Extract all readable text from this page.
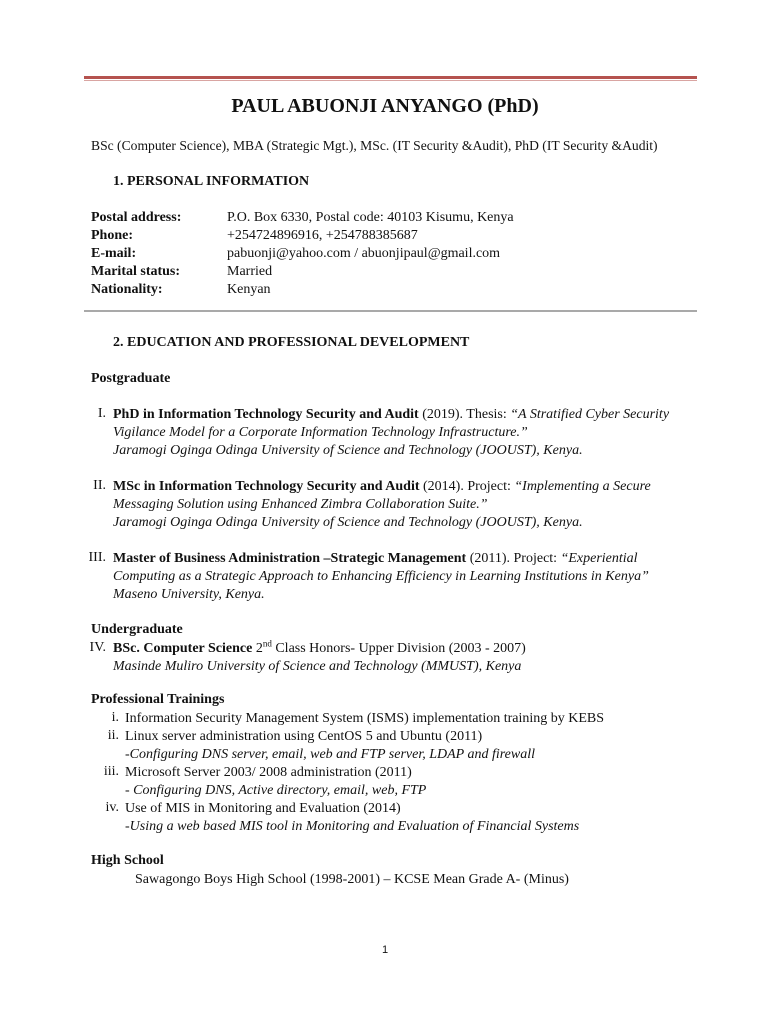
PAUL ABUONJI ANYANGO (PhD)
BSc (Computer Science), MBA (Strategic Mgt.), MSc. (IT Security &Audit), PhD (IT Security &Audit)
1. PERSONAL INFORMATION
Postal address:	P.O. Box 6330, Postal code: 40103 Kisumu, Kenya
Phone:	+254724896916, +254788385687
E-mail:	pabuonji@yahoo.com / abuonjipaul@gmail.com
Marital status:	Married
Nationality:	Kenyan
2. EDUCATION AND PROFESSIONAL DEVELOPMENT
Postgraduate
I. PhD in Information Technology Security and Audit (2019). Thesis: “A Stratified Cyber Security
Vigilance Model for a Corporate Information Technology Infrastructure.”
Jaramogi Oginga Odinga University of Science and Technology (JOOUST), Kenya.
II. MSc in Information Technology Security and Audit (2014). Project: “Implementing a Secure
Messaging Solution using Enhanced Zimbra Collaboration Suite.”
Jaramogi Oginga Odinga University of Science and Technology (JOOUST), Kenya.
III. Master of Business Administration –Strategic Management (2011). Project: “Experiential
Computing as a Strategic Approach to Enhancing Efficiency in Learning Institutions in Kenya”
Maseno University, Kenya.
Undergraduate
IV. BSc. Computer Science 2nd Class Honors- Upper Division (2003 - 2007)
Masinde Muliro University of Science and Technology (MMUST), Kenya
Professional Trainings
i. Information Security Management System (ISMS) implementation training by KEBS
ii. Linux server administration using CentOS 5 and Ubuntu (2011)
-Configuring DNS server, email, web and FTP server, LDAP and firewall
iii. Microsoft Server 2003/ 2008 administration (2011)
- Configuring DNS, Active directory, email, web, FTP
iv. Use of MIS in Monitoring and Evaluation (2014)
-Using a web based MIS tool in Monitoring and Evaluation of Financial Systems
High School
Sawagongo Boys High School (1998-2001) – KCSE Mean Grade A- (Minus)
1
